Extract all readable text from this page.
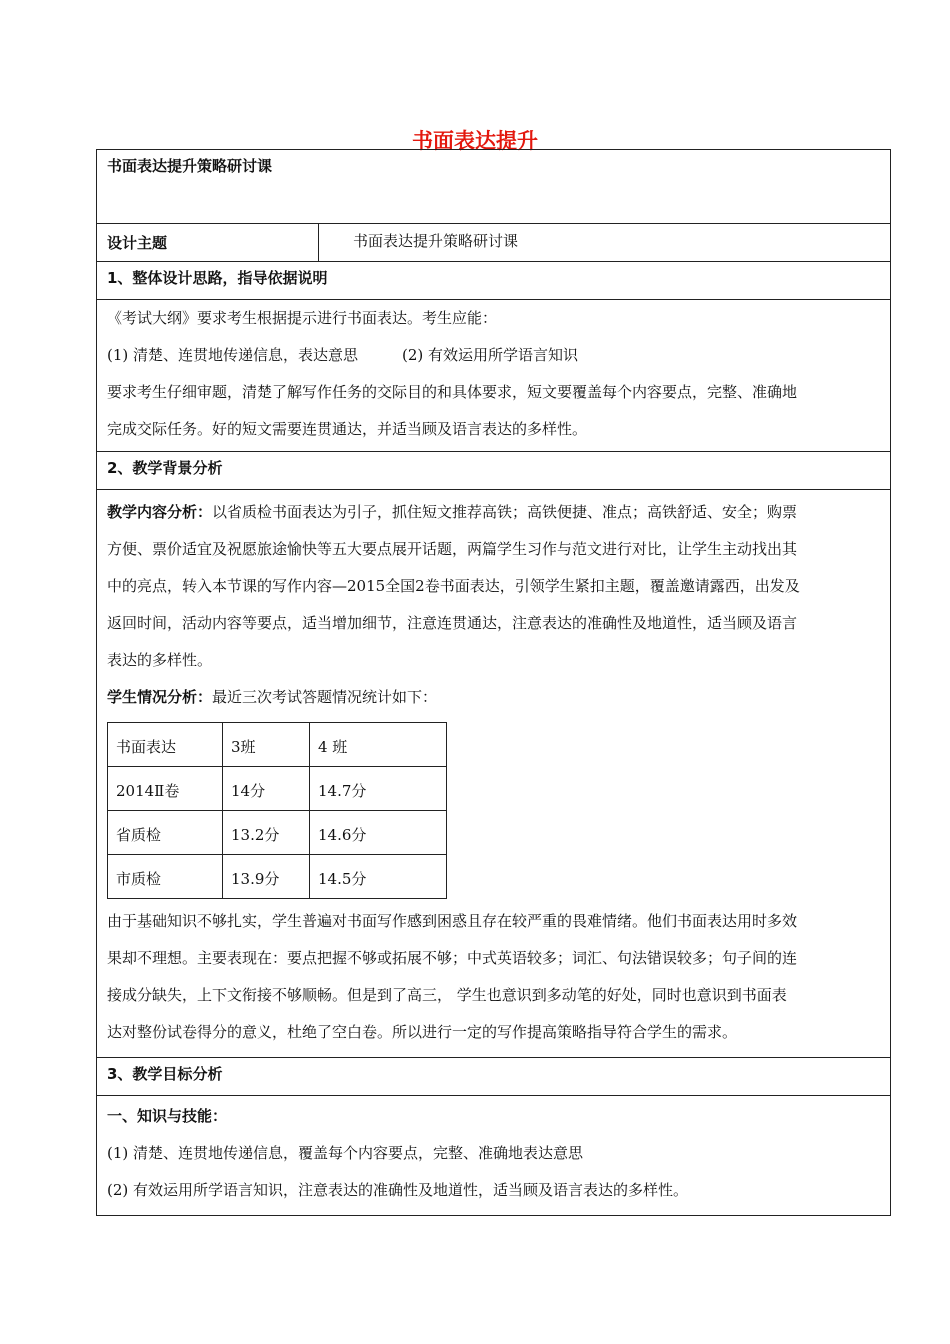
书面表达提升
书面表达提升策略研讨课
设计主题	书面表达提升策略研讨课
1、整体设计思路，指导依据说明

《考试大纲》要求考生根据提示进行书面表达。考生应能：

(1) 清楚、连贯地传递信息，表达意思	(2) 有效运用所学语言知识

要求考生仔细审题，清楚了解写作任务的交际目的和具体要求，短文要覆盖每个内容要点，完整、准确地

完成交际任务。好的短文需要连贯通达，并适当顾及语言表达的多样性。

2、教学背景分析

教学内容分析：以省质检书面表达为引子，抓住短文推荐高铁；高铁便捷、准点；高铁舒适、安全；购票

方便、票价适宜及祝愿旅途愉快等五大要点展开话题，两篇学生习作与范文进行对比，让学生主动找出其

中的亮点，转入本节课的写作内容—2015全国2卷书面表达，引领学生紧扣主题，覆盖邀请露西，出发及

返回时间，活动内容等要点，适当增加细节，注意连贯通达，注意表达的准确性及地道性，适当顾及语言

表达的多样性。

学生情况分析：最近三次考试答题情况统计如下：

书面表达	3班	4 班
2014Ⅱ卷	14分	14.7分
省质检	13.2分	14.6分
市质检	13.9分	14.5分

由于基础知识不够扎实，学生普遍对书面写作感到困惑且存在较严重的畏难情绪。他们书面表达用时多效

果却不理想。主要表现在：要点把握不够或拓展不够；中式英语较多；词汇、句法错误较多；句子间的连

接成分缺失，上下文衔接不够顺畅。但是到了高三， 学生也意识到多动笔的好处，同时也意识到书面表

达对整份试卷得分的意义，杜绝了空白卷。所以进行一定的写作提高策略指导符合学生的需求。

3、教学目标分析

一、知识与技能：

(1) 清楚、连贯地传递信息，覆盖每个内容要点，完整、准确地表达意思

(2) 有效运用所学语言知识，注意表达的准确性及地道性，适当顾及语言表达的多样性。
